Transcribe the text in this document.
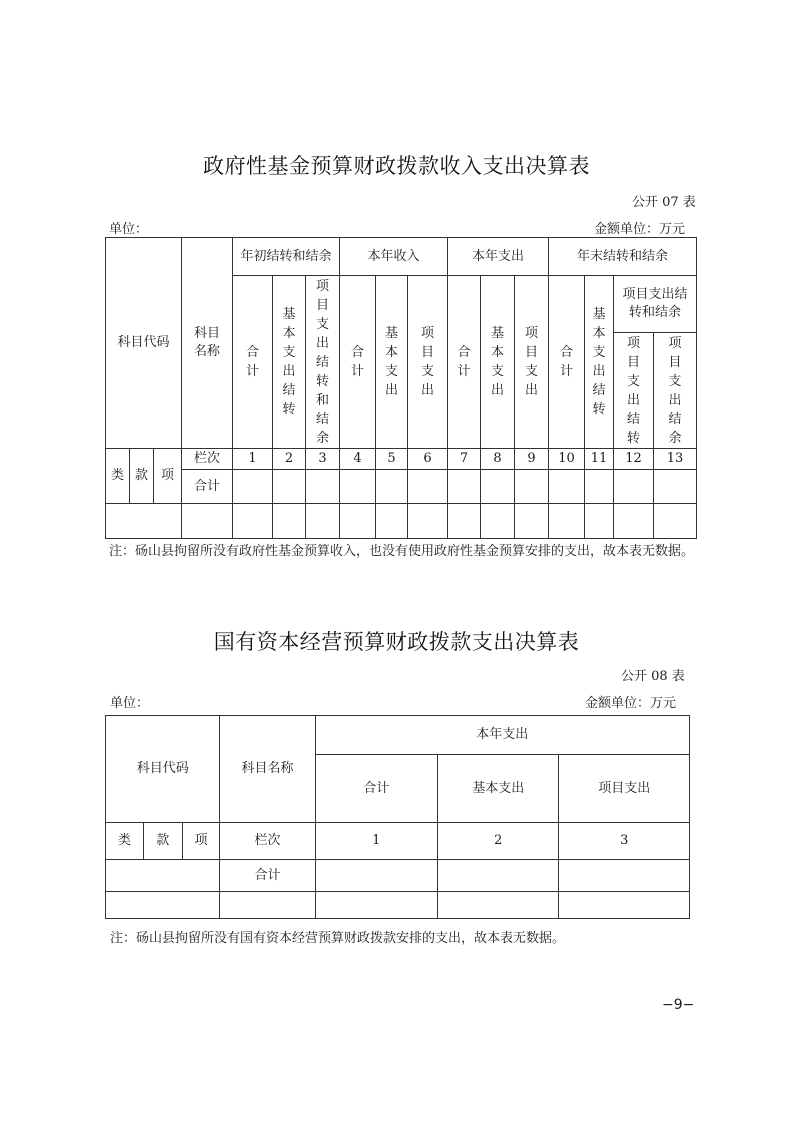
政府性基金预算财政拨款收入支出决算表
公开 07 表
单位：	金额单位：万元
科目代码			科目名称	年初结转和结余			本年收入			本年支出			年末结转和结余			
				合计	基本支出结转	项目支出结转和结余	合计	基本支出	项目支出	合计	基本支出	项目支出	合计	基本支出结转	项目支出结转和结余	
															项目支出结转	项目支出结余
类	款	项	栏次	1	2	3	4	5	6	7	8	9	10	11	12	13
			合计													

注：砀山县拘留所没有政府性基金预算收入，也没有使用政府性基金预算安排的支出，故本表无数据。
国有资本经营预算财政拨款支出决算表
公开 08 表
单位：	金额单位：万元
科目代码			科目名称	本年支出		
				合计	基本支出	项目支出
类	款	项	栏次	1	2	3
			合计			

注：砀山县拘留所没有国有资本经营预算财政拨款安排的支出，故本表无数据。
−9−
